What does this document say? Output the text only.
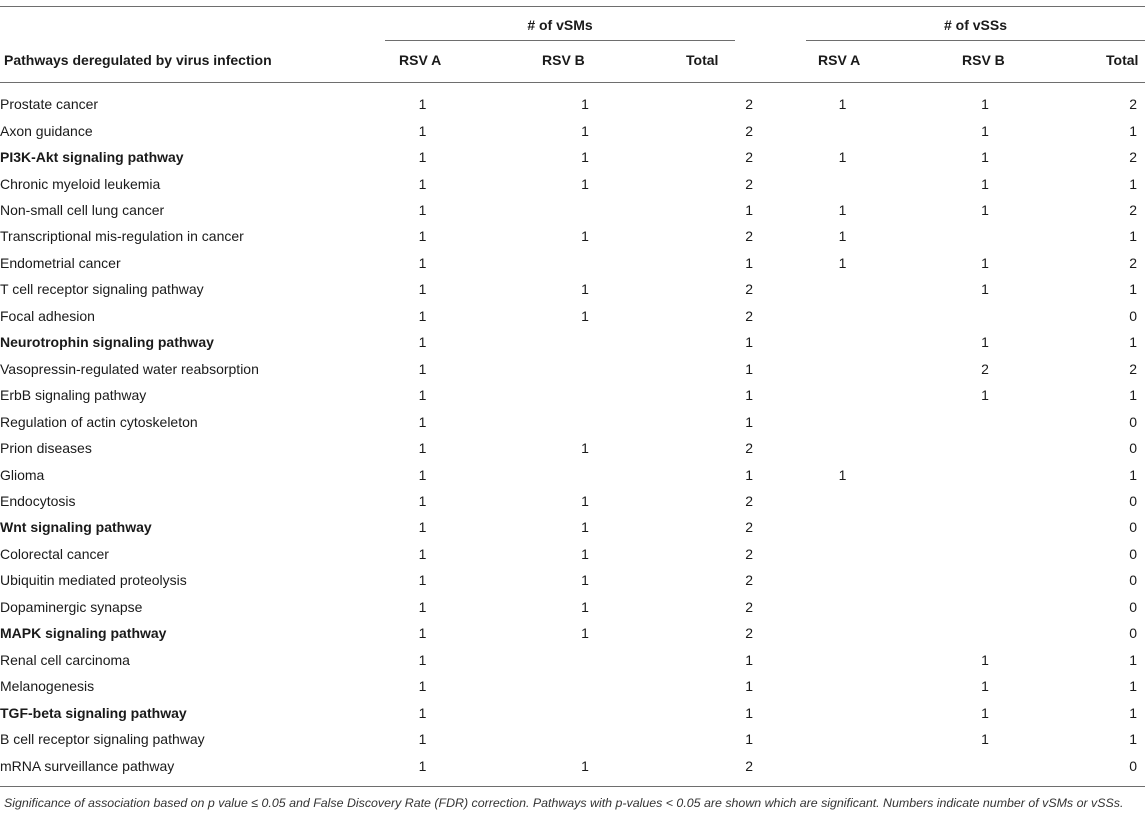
# of vSMs	# of vSSs
Pathways deregulated by virus infection	RSV A	RSV B	Total	RSV A	RSV B	Total
Prostate cancer	1	1	2	1	1	2
Axon guidance	1	1	2		1	1
PI3K-Akt signaling pathway	1	1	2	1	1	2
Chronic myeloid leukemia	1	1	2		1	1
Non-small cell lung cancer	1		1	1	1	2
Transcriptional mis-regulation in cancer	1	1	2	1		1
Endometrial cancer	1		1	1	1	2
T cell receptor signaling pathway	1	1	2		1	1
Focal adhesion	1	1	2			0
Neurotrophin signaling pathway	1		1		1	1
Vasopressin-regulated water reabsorption	1		1		2	2
ErbB signaling pathway	1		1		1	1
Regulation of actin cytoskeleton	1		1			0
Prion diseases	1	1	2			0
Glioma	1		1	1		1
Endocytosis	1	1	2			0
Wnt signaling pathway	1	1	2			0
Colorectal cancer	1	1	2			0
Ubiquitin mediated proteolysis	1	1	2			0
Dopaminergic synapse	1	1	2			0
MAPK signaling pathway	1	1	2			0
Renal cell carcinoma	1		1		1	1
Melanogenesis	1		1		1	1
TGF-beta signaling pathway	1		1		1	1
B cell receptor signaling pathway	1		1		1	1
mRNA surveillance pathway	1	1	2			0
Significance of association based on p value ≤ 0.05 and False Discovery Rate (FDR) correction. Pathways with p-values < 0.05 are shown which are significant. Numbers indicate number of vSMs or vSSs.
